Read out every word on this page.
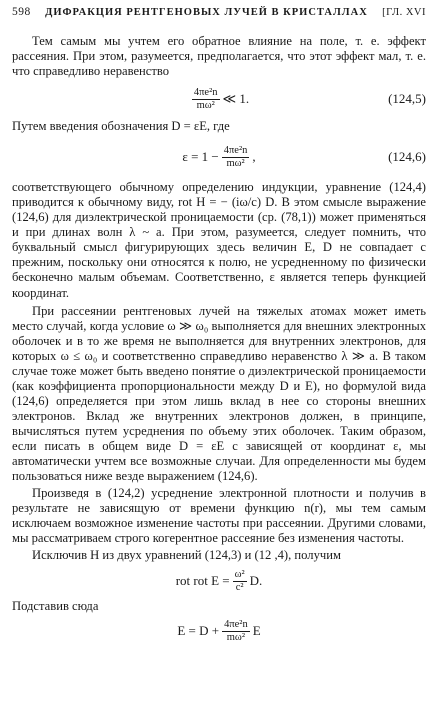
598 ДИФРАКЦИЯ РЕНТГЕНОВЫХ ЛУЧЕЙ В КРИСТАЛЛАХ [ГЛ. XVI

Тем самым мы учтем его обратное влияние на поле, т. е. эффект рассеяния. При этом, разумеется, предполагается, что этот эффект мал, т. е. что справедливо неравенство

$\frac{\text{4πe²n}}{\text{mω²}}$ ≪ 1.	(124,5)

Путем введения обозначения D = εE, где

$\varepsilon = 1 - \frac{\text{4πe²n}}{\text{mω²}}$ ,	(124,6)

соответствующего обычному определению индукции, уравнение (124,4) приводится к обычному виду, rot H = − (iω/c) D. В этом смысле выражение (124,6) для диэлектрической проницаемости (ср. (78,1)) может применяться и при длинах волн λ ~ a. При этом, разумеется, следует помнить, что буквальный смысл фигурирующих здесь величин E, D не совпадает с прежним, поскольку они относятся к полю, не усредненному по физически бесконечно малым объемам. Соответственно, ε является теперь функцией координат.

При рассеянии рентгеновых лучей на тяжелых атомах может иметь место случай, когда условие ω ≫ ω₀ выполняется для внешних электронных оболочек и в то же время не выполняется для внутренних электронов, для которых ω ≤ ω₀ и соответственно справедливо неравенство λ ≫ a. В таком случае тоже может быть введено понятие о диэлектрической проницаемости (как коэффициента пропорциональности между D и E), но формулой вида (124,6) определяется при этом лишь вклад в нее со стороны внешних электронов. Вклад же внутренних электронов должен, в принципе, вычисляться путем усреднения по объему этих оболочек. Таким образом, если писать в общем виде D = εE с зависящей от координат ε, мы автоматически учтем все возможные случаи. Для определенности мы будем пользоваться ниже везде выражением (124,6).

Произведя в (124,2) усреднение электронной плотности и получив в результате не зависящую от времени функцию n(r), мы тем самым исключаем возможное изменение частоты при рассеянии. Другими словами, мы рассматриваем строго когерентное рассеяние без изменения частоты.

Исключив H из двух уравнений (124,3) и (12 ,4), получим

rot rot $E = \frac{\text{ω²}}{\text{c²}} D$.

Подставив сюда

$E = D + \frac{\text{4πe²n}}{\text{mω²}}$ E
